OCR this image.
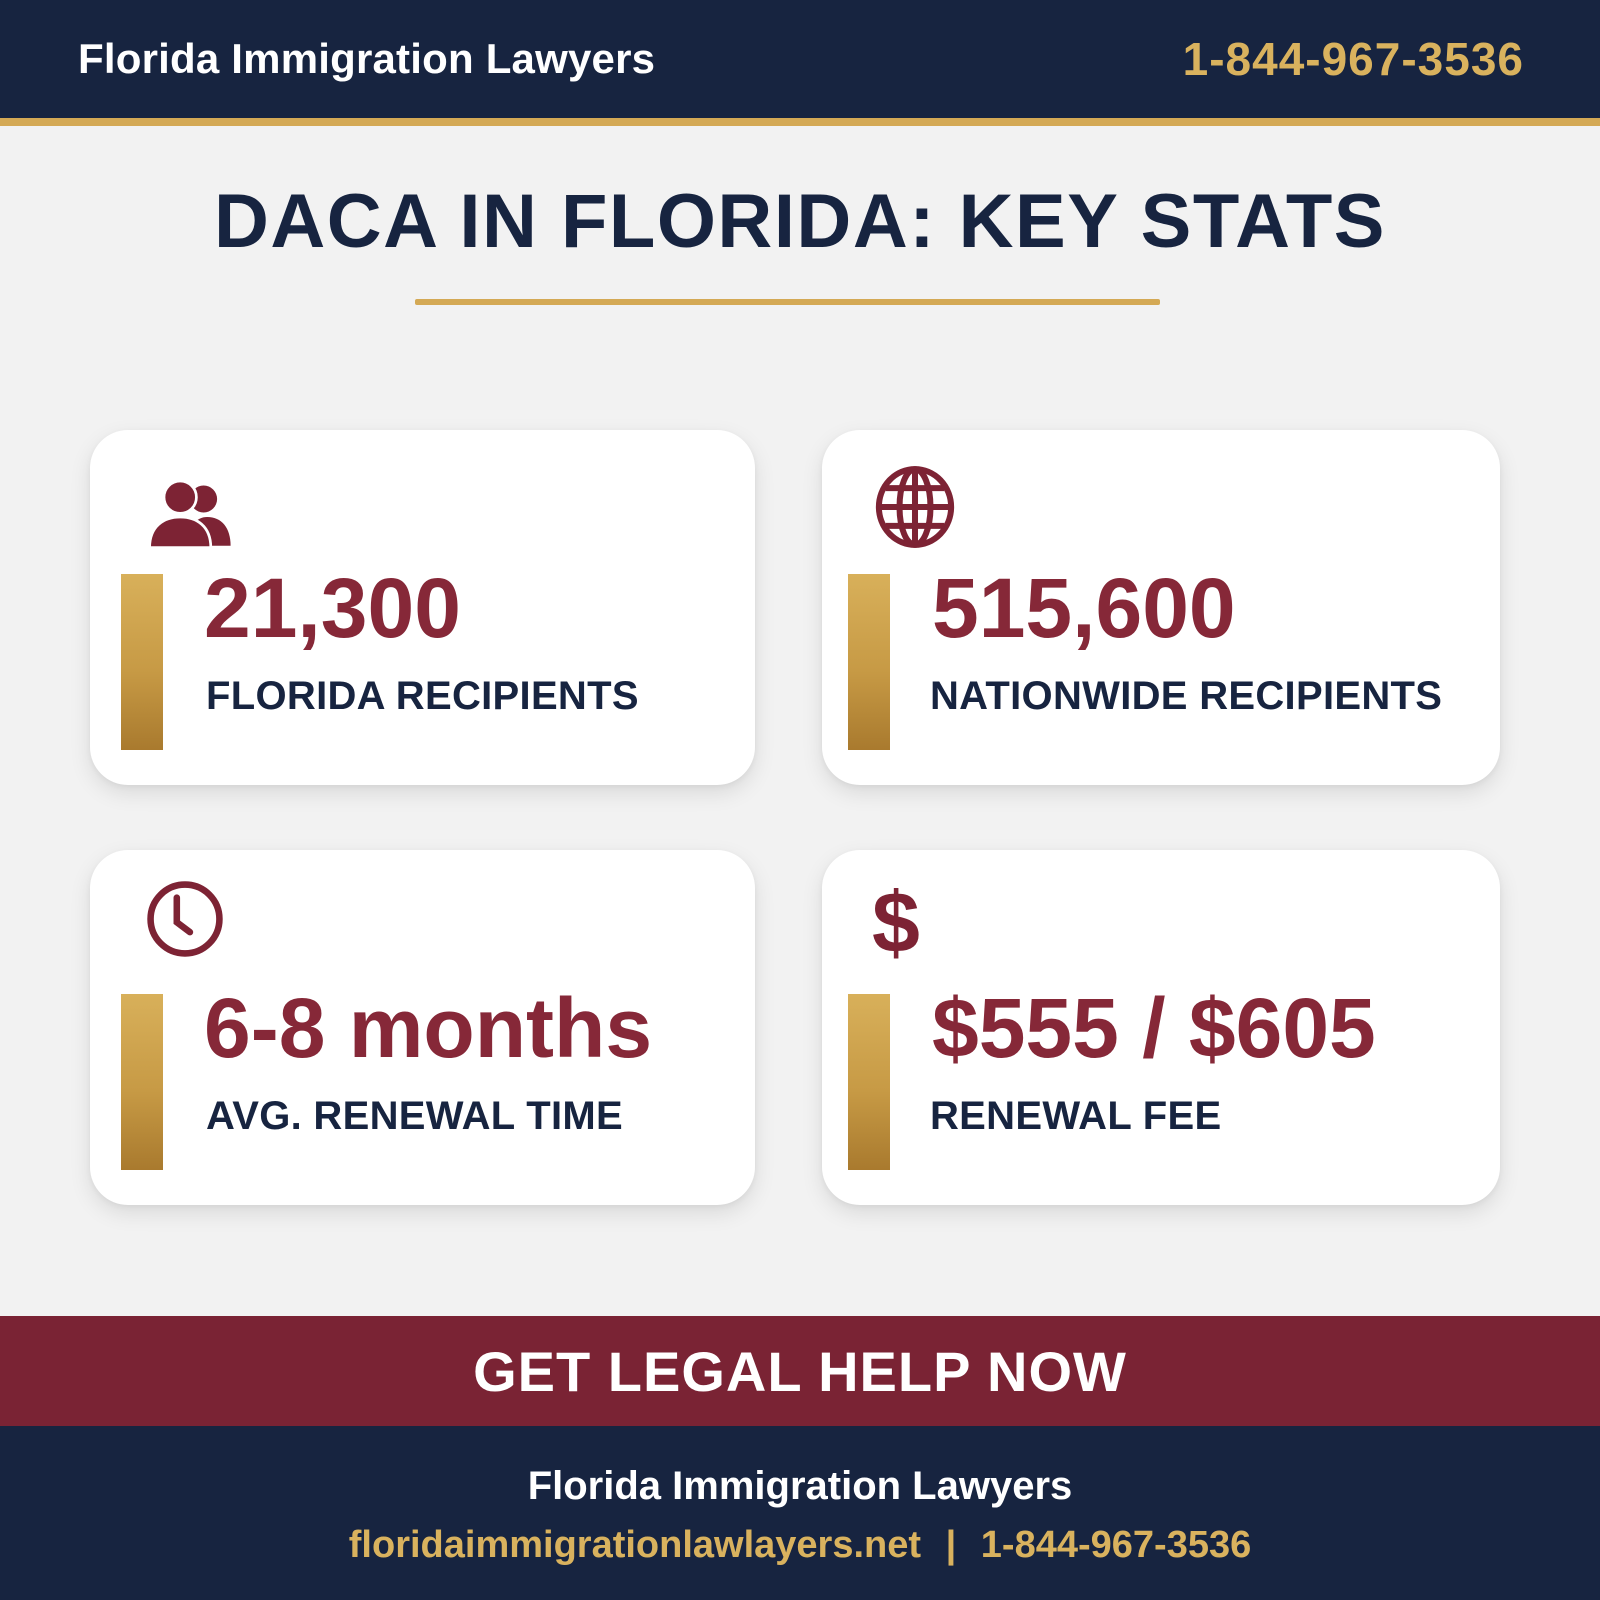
Florida Immigration Lawyers	1-844-967-3536
DACA IN FLORIDA: KEY STATS
21,300
FLORIDA RECIPIENTS
515,600
NATIONWIDE RECIPIENTS
6-8 months
AVG. RENEWAL TIME
$
$555 / $605
RENEWAL FEE
GET LEGAL HELP NOW
Florida Immigration Lawyers
floridaimmigrationlawlayers.net | 1-844-967-3536
